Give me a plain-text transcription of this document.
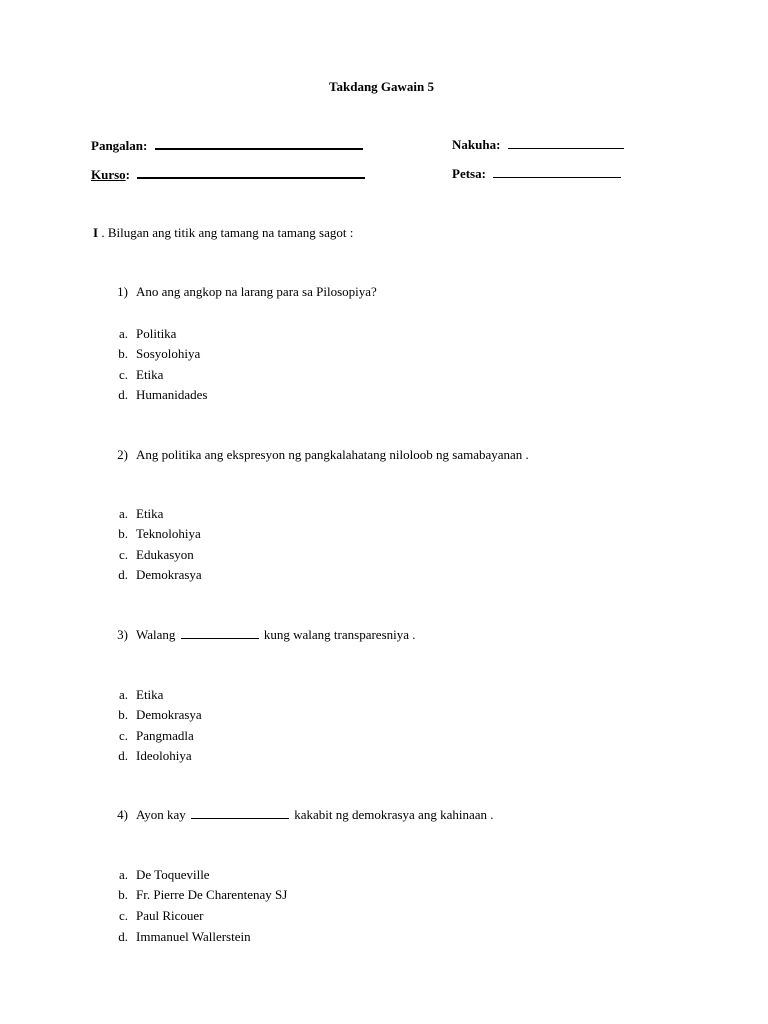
Takdang Gawain 5
Pangalan:	Nakuha:
Kurso:	Petsa:
I . Bilugan ang titik ang tamang na tamang sagot :
1) Ano ang angkop na larang para sa Pilosopiya?
a. Politika
b. Sosyolohiya
c. Etika
d. Humanidades
2) Ang politika ang ekspresyon ng pangkalahatang niloloob ng samabayanan .
a. Etika
b. Teknolohiya
c. Edukasyon
d. Demokrasya
3) Walang	kung walang transparesniya .
a. Etika
b. Demokrasya
c. Pangmadla
d. Ideolohiya
4) Ayon kay	kakabit ng demokrasya ang kahinaan .
a. De Toqueville
b. Fr. Pierre De Charentenay SJ
c. Paul Ricouer
d. Immanuel Wallerstein
